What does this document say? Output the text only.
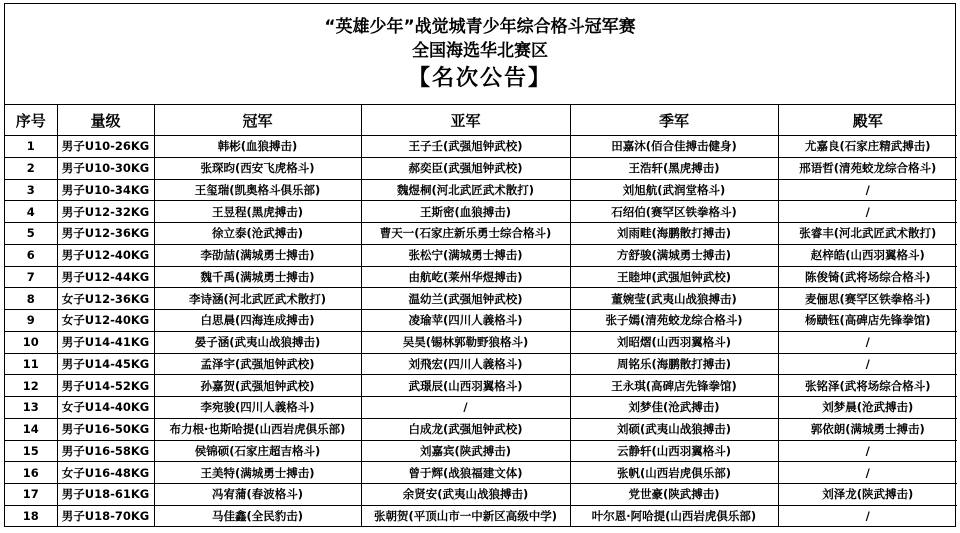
“英雄少年”战觉城青少年综合格斗冠军赛
全国海选华北赛区
【名次公告】
序号	量级	冠军	亚军	季军	殿军
1	男子U10-26KG	韩彬(血狼搏击)	王子壬(武强旭钟武校)	田嘉沐(佰合佳搏击健身)	尤嘉良(石家庄精武搏击)
2	男子U10-30KG	张琛昀(西安飞虎格斗)	郝奕臣(武强旭钟武校)	王浩轩(黑虎搏击)	邢语哲(清苑蛟龙综合格斗)
3	男子U10-34KG	王玺瑞(凯奥格斗俱乐部)	魏煜桐(河北武匠武术散打)	刘旭航(武润堂格斗)	/
4	男子U12-32KG	王昱程(黑虎搏击)	王斯密(血狼搏击)	石绍伯(赛罕区铁拳格斗)	/
5	男子U12-36KG	徐立泰(沧武搏击)	曹天一(石家庄新乐勇士综合格斗)	刘雨畦(海鹏散打搏击)	张睿丰(河北武匠武术散打)
6	男子U12-40KG	李劭喆(满城勇士搏击)	张松宁(满城勇士搏击)	方舒骏(满城勇士搏击)	赵梓皓(山西羽翼格斗)
7	男子U12-44KG	魏千禹(满城勇士搏击)	由航屹(莱州华煜搏击)	王睦坤(武强旭钟武校)	陈俊锜(武将场综合格斗)
8	女子U12-36KG	李诗涵(河北武匠武术散打)	温幼兰(武强旭钟武校)	董婉莹(武夷山战狼搏击)	麦俪思(赛罕区铁拳格斗)
9	女子U12-40KG	白思晨(四海连成搏击)	凌瑜苹(四川人義格斗)	张子嫣(清苑蛟龙综合格斗)	杨赜钰(高碑店先锋拳馆)
10	男子U14-41KG	晏子涵(武夷山战狼搏击)	吴昊(锡林郭勒野狼格斗)	刘昭熠(山西羽翼格斗)	/
11	男子U14-45KG	孟泽宇(武强旭钟武校)	刘飛宏(四川人義格斗)	周铭乐(海鹏散打搏击)	/
12	男子U14-52KG	孙嘉贺(武强旭钟武校)	武璟辰(山西羽翼格斗)	王永琪(高碑店先锋拳馆)	张铭泽(武将场综合格斗)
13	女子U14-40KG	李宛骏(四川人義格斗)	/	刘梦佳(沧武搏击)	刘梦晨(沧武搏击)
14	男子U16-50KG	布力根·也斯哈提(山西岩虎俱乐部)	白成龙(武强旭钟武校)	刘硕(武夷山战狼搏击)	郭依朗(满城勇士搏击)
15	男子U16-58KG	侯锦硕(石家庄超吉格斗)	刘嘉宾(陕武搏击)	云静轩(山西羽翼格斗)	/
16	女子U16-48KG	王美特(满城勇士搏击)	曾于辉(战狼福建文体)	张帆(山西岩虎俱乐部)	/
17	男子U18-61KG	冯宥蒲(春波格斗)	余贤安(武夷山战狼搏击)	党世豪(陕武搏击)	刘泽龙(陕武搏击)
18	男子U18-70KG	马佳鑫(全民豹击)	张朝贺(平顶山市一中新区高级中学)	叶尔恩·阿哈提(山西岩虎俱乐部)	/
